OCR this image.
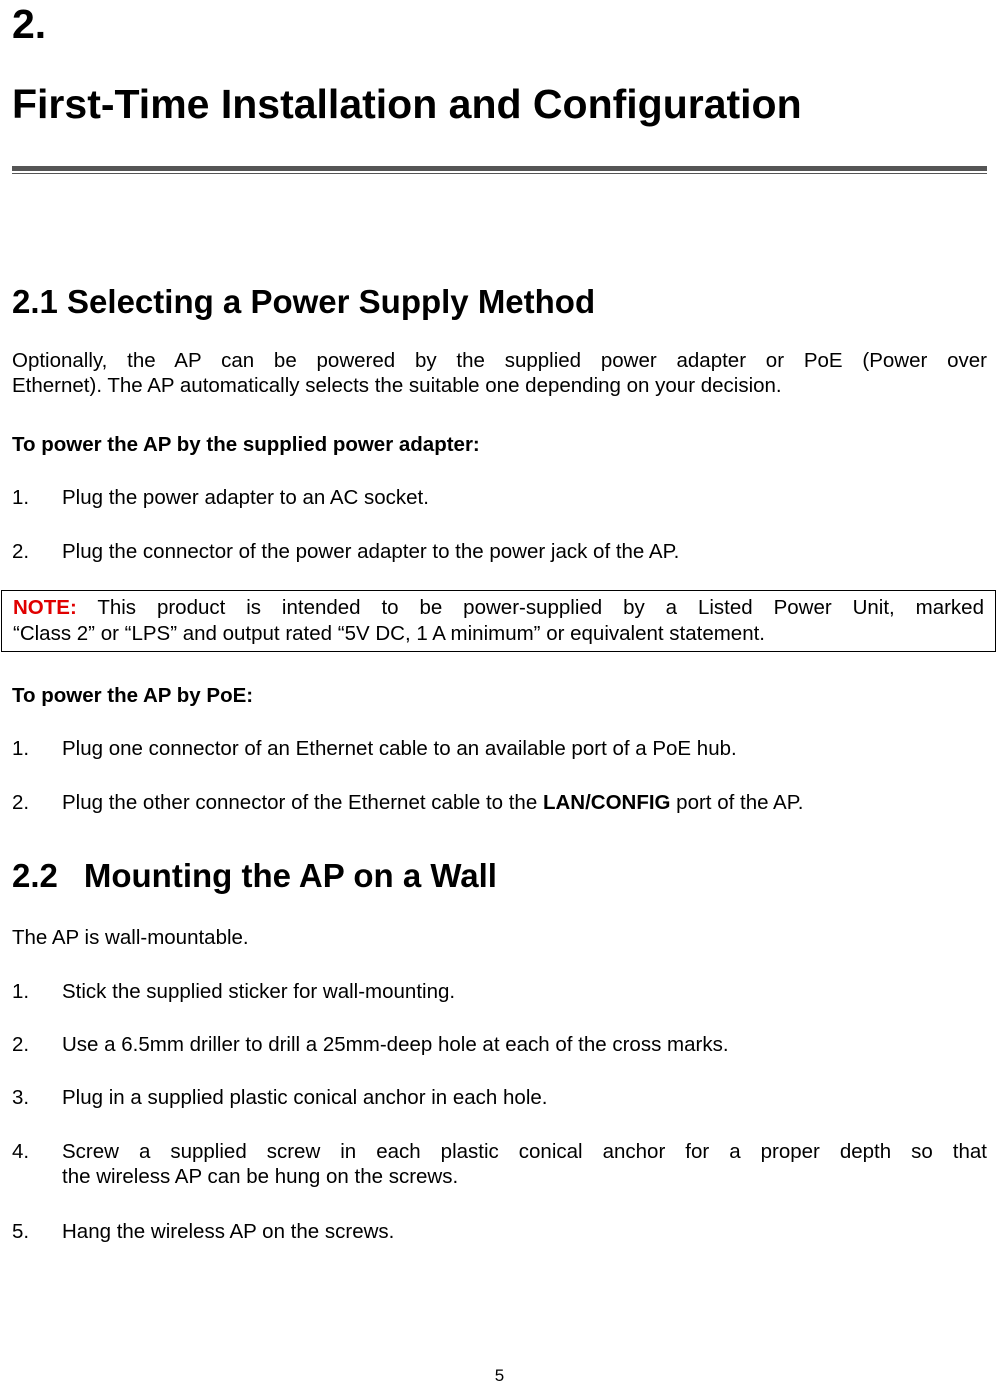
2.
First-Time Installation and Configuration
2.1 Selecting a Power Supply Method
Optionally, the AP can be powered by the supplied power adapter or PoE (Power over
Ethernet). The AP automatically selects the suitable one depending on your decision.
To power the AP by the supplied power adapter:
1.	Plug the power adapter to an AC socket.
2.	Plug the connector of the power adapter to the power jack of the AP.
NOTE: This product is intended to be power-supplied by a Listed Power Unit, marked
“Class 2” or “LPS” and output rated “5V DC, 1 A minimum” or equivalent statement.
To power the AP by PoE:
1.	Plug one connector of an Ethernet cable to an available port of a PoE hub.
2.	Plug the other connector of the Ethernet cable to the LAN/CONFIG port of the AP.
2.2 Mounting the AP on a Wall
The AP is wall-mountable.
1.	Stick the supplied sticker for wall-mounting.
2.	Use a 6.5mm driller to drill a 25mm-deep hole at each of the cross marks.
3.	Plug in a supplied plastic conical anchor in each hole.
4.	Screw a supplied screw in each plastic conical anchor for a proper depth so that
the wireless AP can be hung on the screws.
5.	Hang the wireless AP on the screws.
5
